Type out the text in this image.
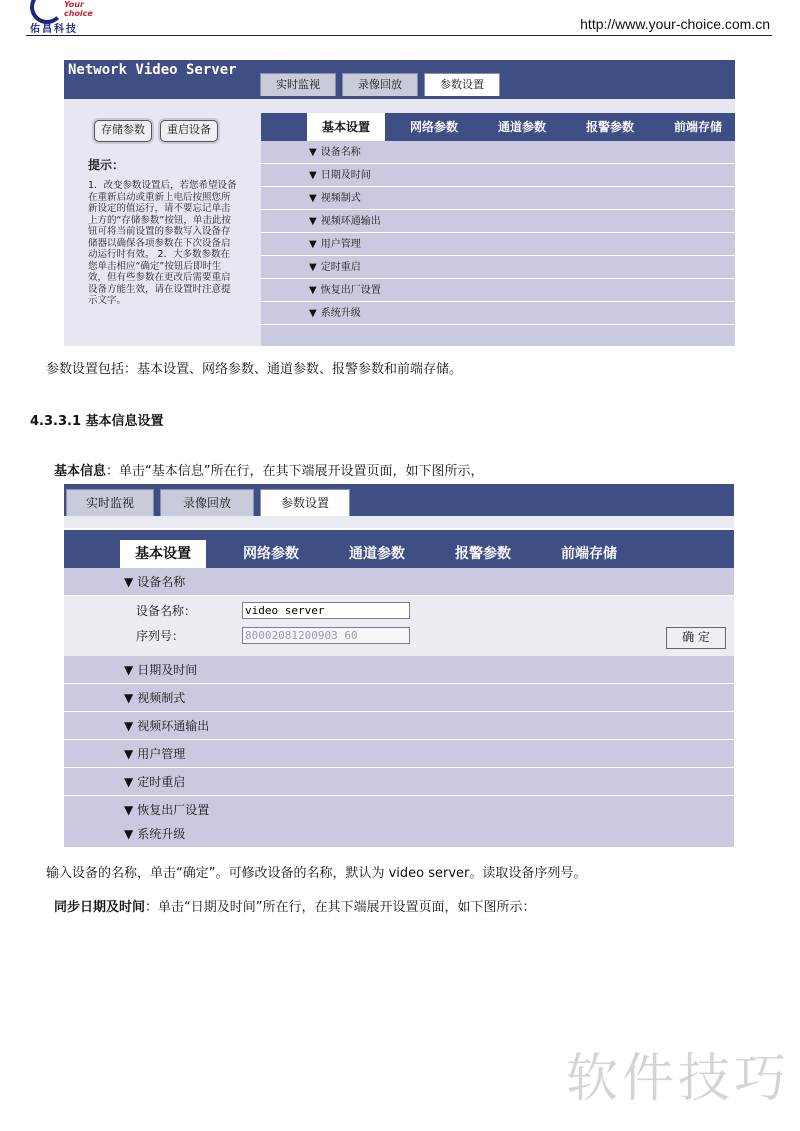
Your choice
佑昌科技	http://www.your-choice.com.cn
Network Video Server
实时监视	录像回放	参数设置
存储参数	重启设备
提示：
1．改变参数设置后，若您希望设备在重新启动或重新上电后按照您所新设定的值运行，请不要忘记单击上方的“存储参数”按钮，单击此按钮可将当前设置的参数写入设备存储器以确保各项参数在下次设备启动运行时有效。 2．大多数参数在您单击相应“确定”按钮后即时生效，但有些参数在更改后需要重启设备方能生效，请在设置时注意提示文字。
基本设置	网络参数	通道参数	报警参数	前端存储
▼ 设备名称
▼ 日期及时间
▼ 视频制式
▼ 视频环通输出
▼ 用户管理
▼ 定时重启
▼ 恢复出厂设置
▼ 系统升级
参数设置包括：基本设置、网络参数、通道参数、报警参数和前端存储。
4.3.3.1 基本信息设置
基本信息：单击“基本信息”所在行，在其下端展开设置页面，如下图所示，
实时监视	录像回放	参数设置
基本设置	网络参数	通道参数	报警参数	前端存储
▼ 设备名称
设备名称：
video server
序列号：
80002081200903 60	确 定
▼ 日期及时间
▼ 视频制式
▼ 视频环通输出
▼ 用户管理
▼ 定时重启
▼ 恢复出厂设置
▼ 系统升级
输入设备的名称，单击“确定”。可修改设备的名称，默认为 video server。读取设备序列号。
同步日期及时间：单击“日期及时间”所在行，在其下端展开设置页面，如下图所示：
软件技巧
